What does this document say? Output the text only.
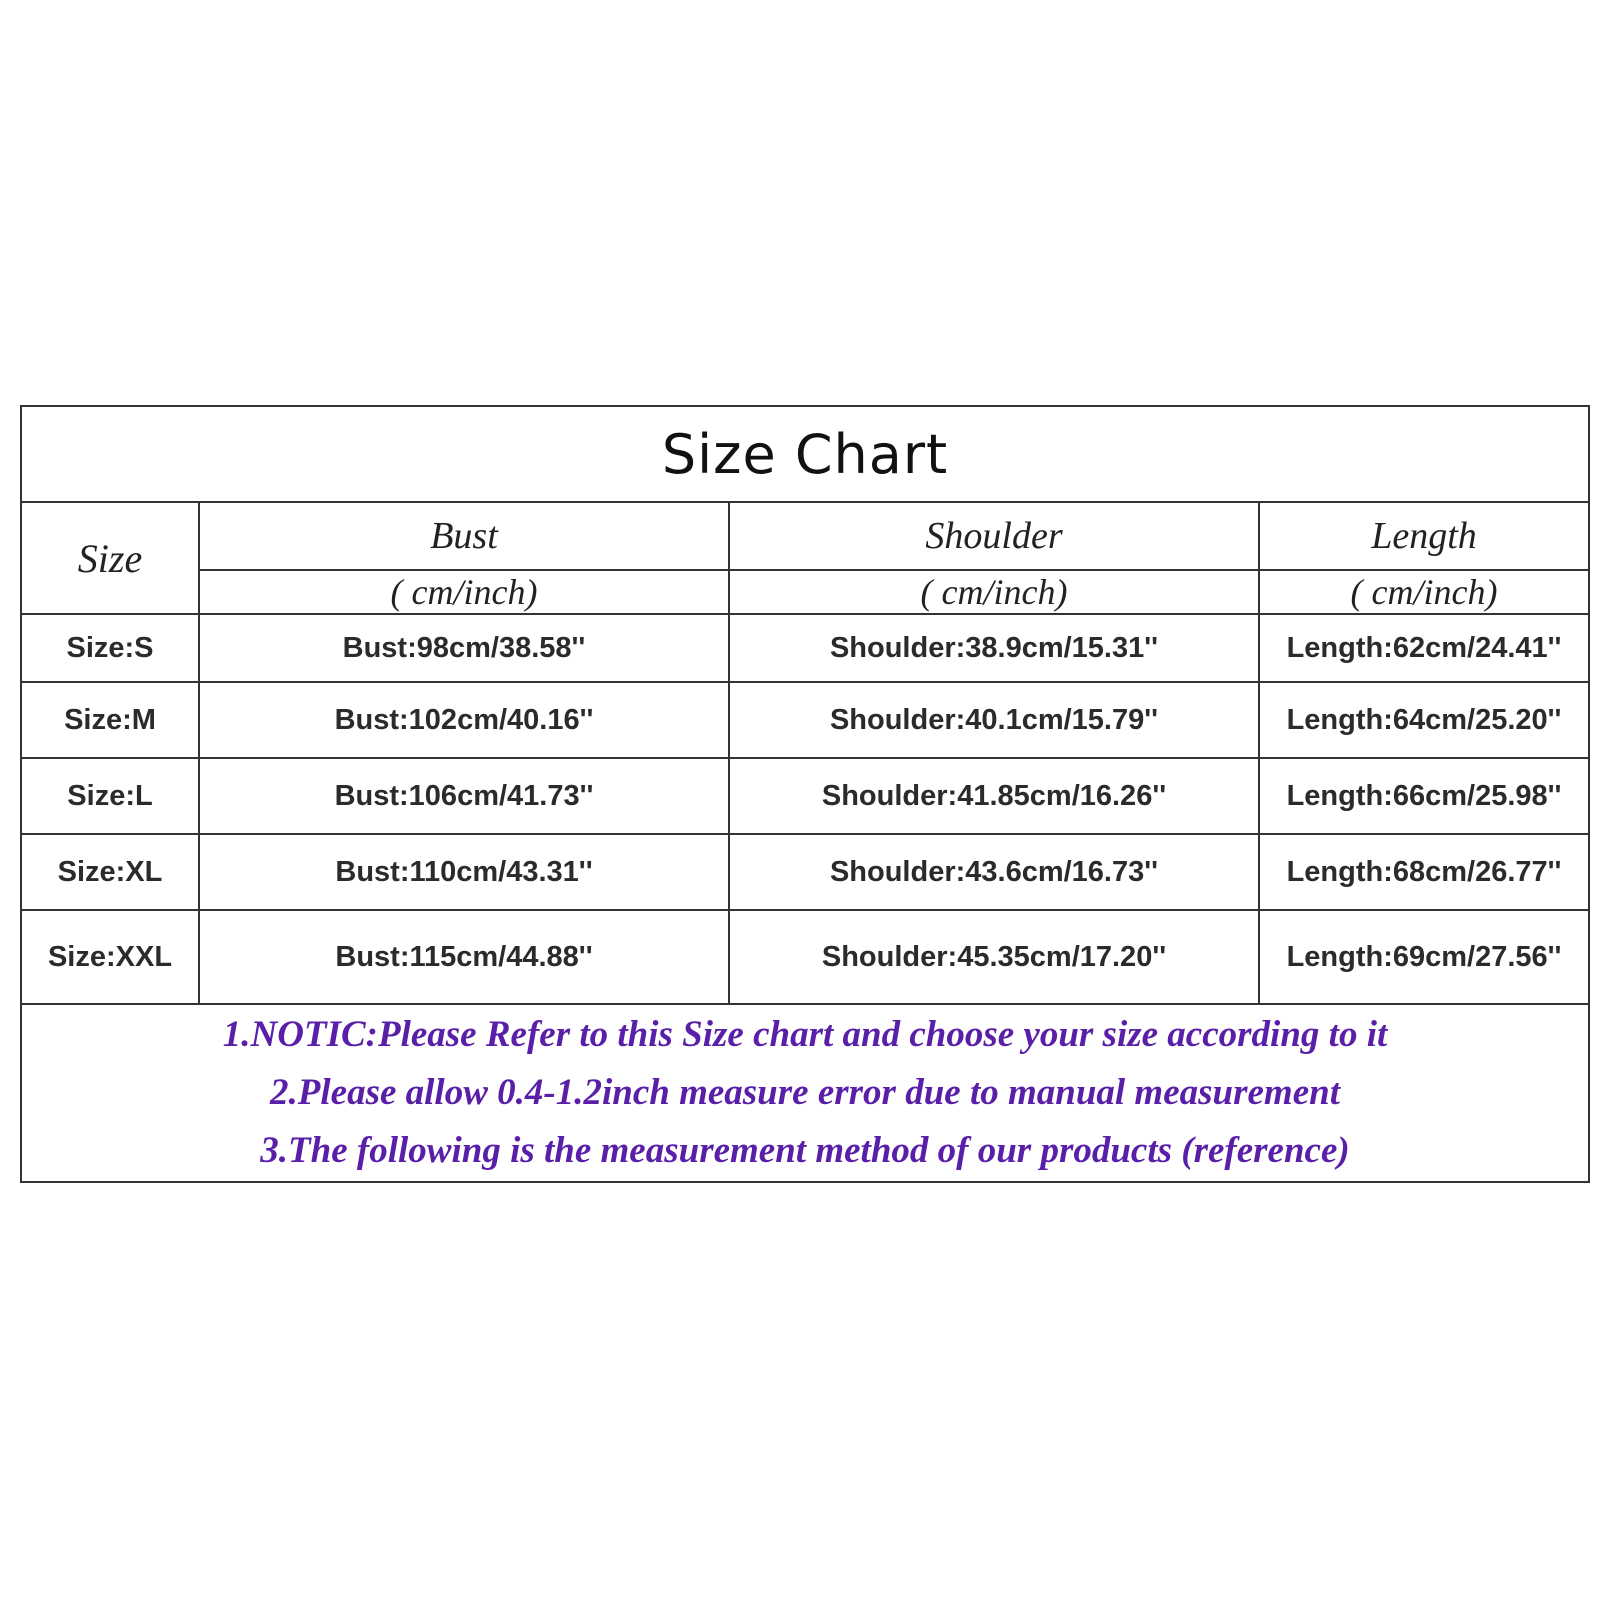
Size Chart			
Size	Bust	Shoulder	Length
	( cm/inch)	( cm/inch)	( cm/inch)
Size:S	Bust:98cm/38.58''	Shoulder:38.9cm/15.31''	Length:62cm/24.41''
Size:M	Bust:102cm/40.16''	Shoulder:40.1cm/15.79''	Length:64cm/25.20''
Size:L	Bust:106cm/41.73''	Shoulder:41.85cm/16.26''	Length:66cm/25.98''
Size:XL	Bust:110cm/43.31''	Shoulder:43.6cm/16.73''	Length:68cm/26.77''
Size:XXL	Bust:115cm/44.88''	Shoulder:45.35cm/17.20''	Length:69cm/27.56''

1.NOTIC:Please Refer to this Size chart and choose your size according to it
2.Please allow 0.4-1.2inch measure error due to manual measurement
3.The following is the measurement method of our products (reference)			
